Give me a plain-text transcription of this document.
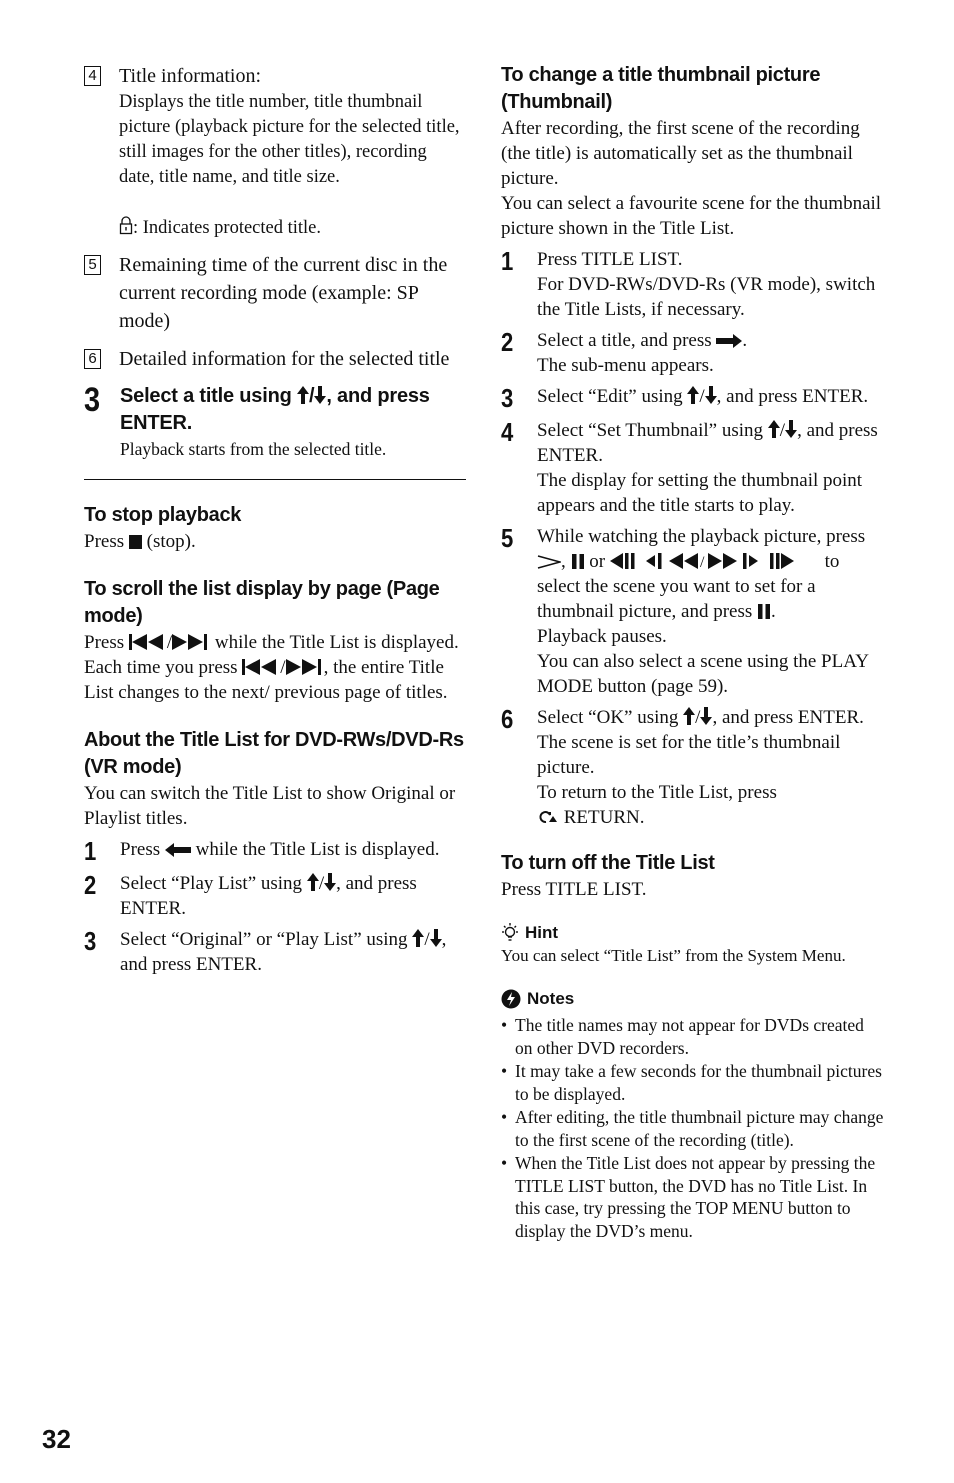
4 Title information:
Displays the title number, title thumbnail picture (playback picture for the selected title, still images for the other titles), recording date, title name, and title size.
: Indicates protected title.
5 Remaining time of the current disc in the current recording mode (example: SP mode)
6 Detailed information for the selected title
3 Select a title using / , and press ENTER.
Playback starts from the selected title.
To stop playback

Press  (stop).

To scroll the list display by page (Page mode)

Press / while the Title List is displayed. Each time you press / , the entire Title List changes to the next/ previous page of titles.

About the Title List for DVD-RWs/DVD-Rs (VR mode)

You can switch the Title List to show Original or Playlist titles.

1	Press  while the Title List is displayed.
2	Select “Play List” using / , and press ENTER.
3	Select “Original” or “Play List” using / , and press ENTER.
To change a title thumbnail picture (Thumbnail)

After recording, the first scene of the recording (the title) is automatically set as the thumbnail picture.

You can select a favourite scene for the thumbnail picture shown in the Title List.

1	Press TITLE LIST.
For DVD-RWs/DVD-Rs (VR mode), switch the Title Lists, if necessary.
2	Select a title, and press .
The sub-menu appears.
3	Select “Edit” using / , and press ENTER.
4	Select “Set Thumbnail” using / , and press ENTER.
The display for setting the thumbnail point appears and the title starts to play.
5	While watching the playback picture, press ,  or	/	to select the scene you want to set for a thumbnail picture, and press .
Playback pauses.
You can also select a scene using the PLAY MODE button (page 59).
6	Select “OK” using / , and press ENTER.
The scene is set for the title’s thumbnail picture.
To return to the Title List, press
RETURN.
To turn off the Title List

Press TITLE LIST.

Hint
You can select “Title List” from the System Menu.
Notes
• The title names may not appear for DVDs created on other DVD recorders.
• It may take a few seconds for the thumbnail pictures to be displayed.
• After editing, the title thumbnail picture may change to the first scene of the recording (title).
• When the Title List does not appear by pressing the TITLE LIST button, the DVD has no Title List. In this case, try pressing the TOP MENU button to display the DVD’s menu.
32
